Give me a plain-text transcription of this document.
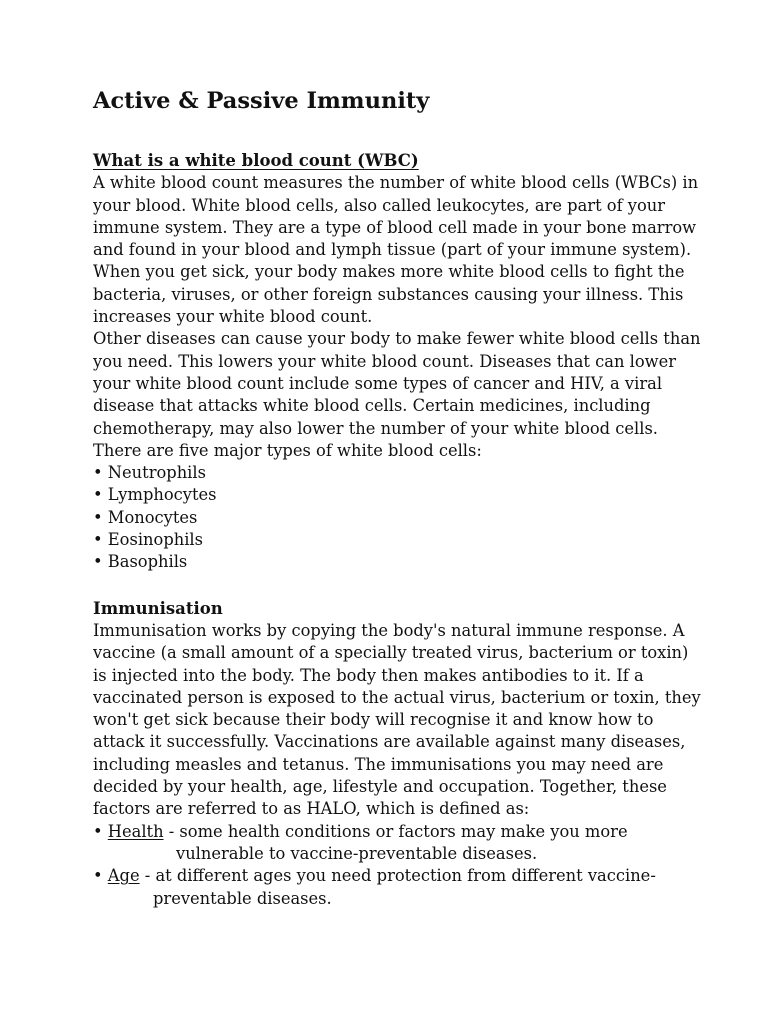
Active & Passive Immunity
What is a white blood count (WBC)

A white blood count measures the number of white blood cells (WBCs) in

your blood. White blood cells, also called leukocytes, are part of your

immune system. They are a type of blood cell made in your bone marrow

and found in your blood and lymph tissue (part of your immune system).

When you get sick, your body makes more white blood cells to fight the

bacteria, viruses, or other foreign substances causing your illness. This

increases your white blood count.

Other diseases can cause your body to make fewer white blood cells than

you need. This lowers your white blood count. Diseases that can lower

your white blood count include some types of cancer and HIV, a viral

disease that attacks white blood cells. Certain medicines, including

chemotherapy, may also lower the number of your white blood cells.

There are five major types of white blood cells:

• Neutrophils
• Lymphocytes
• Monocytes
• Eosinophils
• Basophils
Immunisation

Immunisation works by copying the body's natural immune response. A

vaccine (a small amount of a specially treated virus, bacterium or toxin)

is injected into the body. The body then makes antibodies to it. If a

vaccinated person is exposed to the actual virus, bacterium or toxin, they

won't get sick because their body will recognise it and know how to

attack it successfully. Vaccinations are available against many diseases,

including measles and tetanus. The immunisations you may need are

decided by your health, age, lifestyle and occupation. Together, these

factors are referred to as HALO, which is defined as:

• Health - some health conditions or factors may make you more

vulnerable to vaccine-preventable diseases.

• Age - at different ages you need protection from different vaccine-

preventable diseases.
